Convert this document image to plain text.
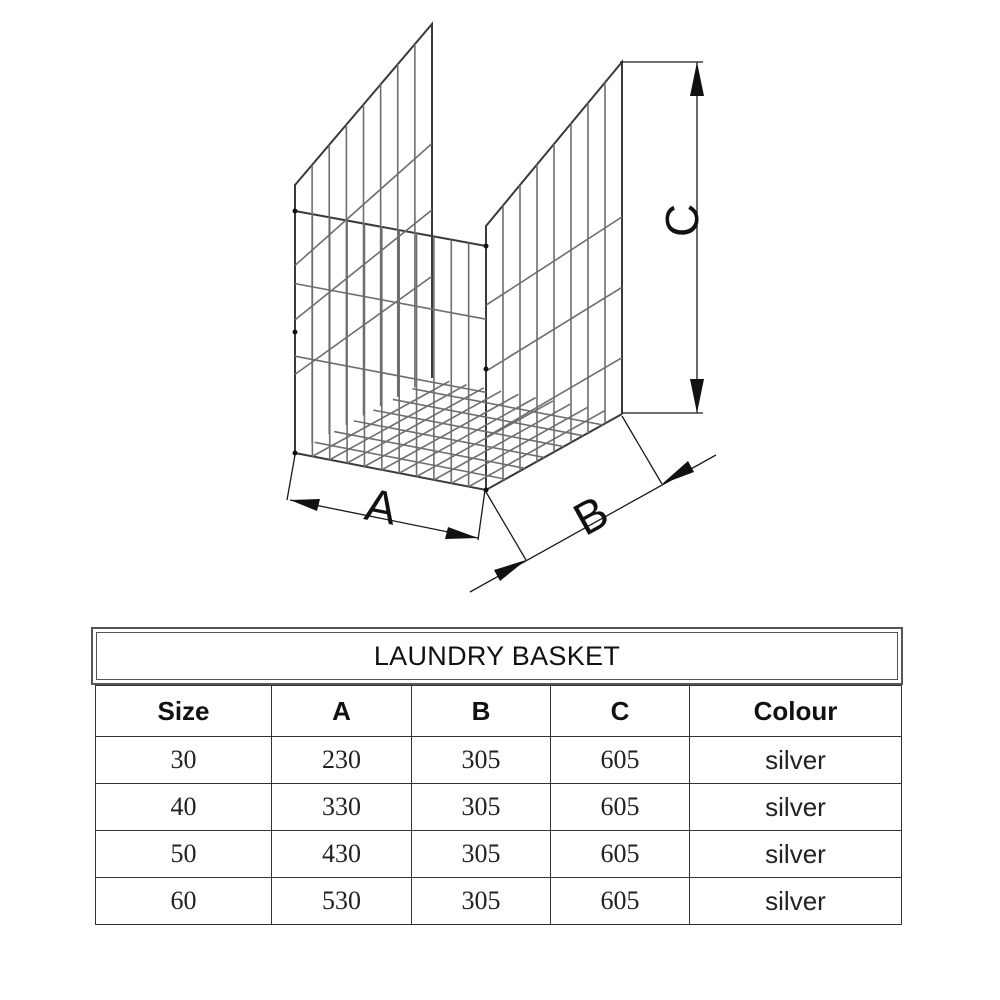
A	B
C
LAUNDRY BASKET
Size	A	B	C	Colour
30	230	305	605	silver
40	330	305	605	silver
50	430	305	605	silver
60	530	305	605	silver
